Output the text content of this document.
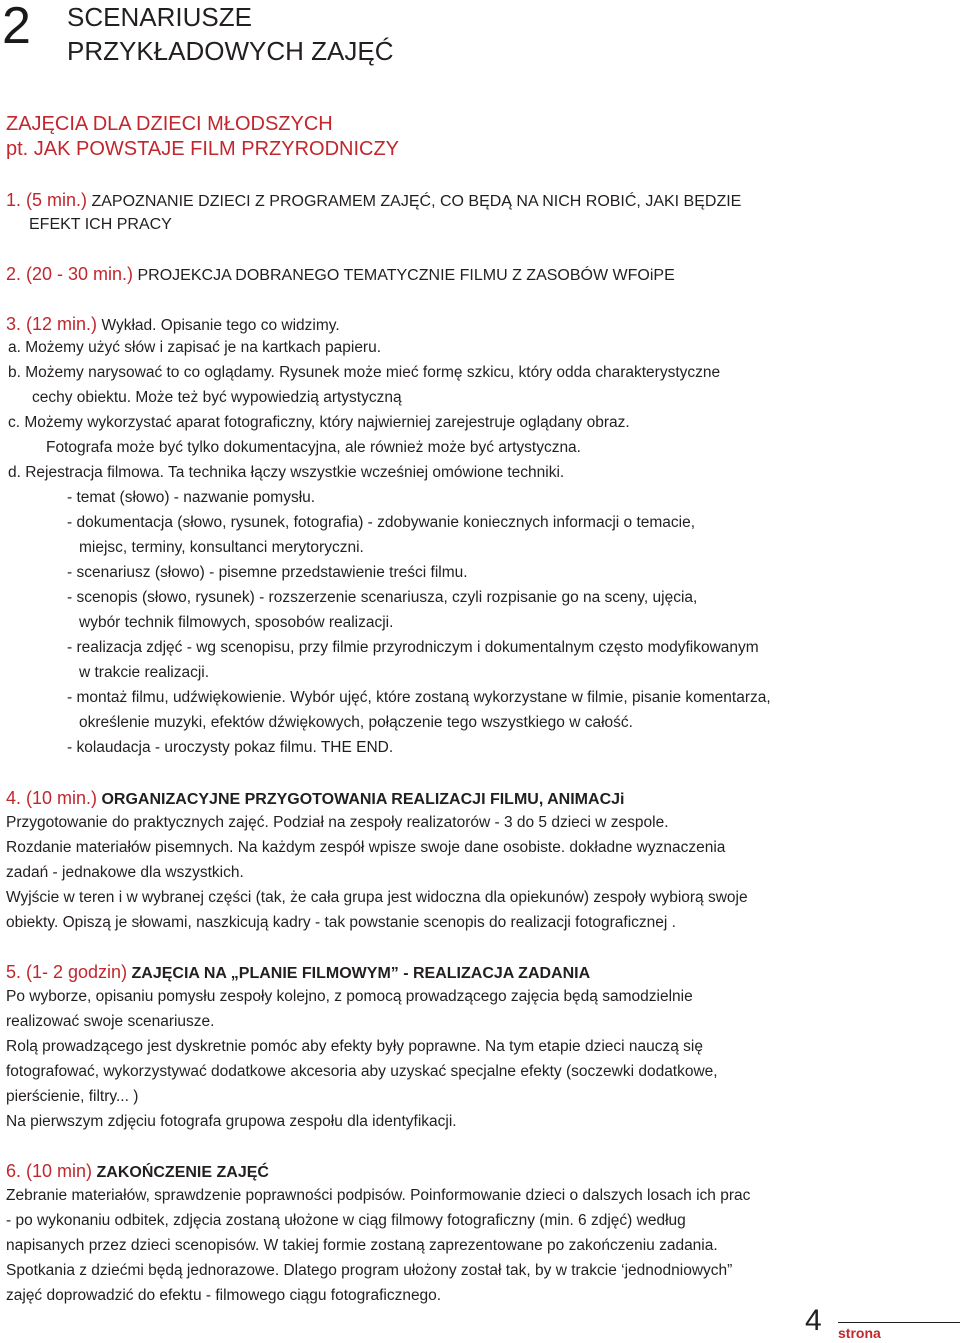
2 SCENARIUSZE
PRZYKŁADOWYCH ZAJĘĆ
ZAJĘCIA DLA DZIECI MŁODSZYCH
pt. JAK POWSTAJE FILM PRZYRODNICZY
1. (5 min.) ZAPOZNANIE DZIECI Z PROGRAMEM ZAJĘĆ, CO BĘDĄ NA NICH ROBIĆ, JAKI BĘDZIE
EFEKT ICH PRACY
2. (20 - 30 min.) PROJEKCJA DOBRANEGO TEMATYCZNIE FILMU Z ZASOBÓW WFOiPE
3. (12 min.) Wykład. Opisanie tego co widzimy.
a. Możemy użyć słów i zapisać je na kartkach papieru.
b. Możemy narysować to co oglądamy. Rysunek może mieć formę szkicu, który odda charakterystyczne
cechy obiektu. Może też być wypowiedzią artystyczną
c. Możemy wykorzystać aparat fotograficzny, który najwierniej zarejestruje oglądany obraz.
Fotografa może być tylko dokumentacyjna, ale również może być artystyczna.
d. Rejestracja filmowa. Ta technika łączy wszystkie wcześniej omówione techniki.
- temat (słowo) - nazwanie pomysłu.
- dokumentacja (słowo, rysunek, fotografia) - zdobywanie koniecznych informacji o temacie,
miejsc, terminy, konsultanci merytoryczni.
- scenariusz (słowo) - pisemne przedstawienie treści filmu.
- scenopis (słowo, rysunek) - rozszerzenie scenariusza, czyli rozpisanie go na sceny, ujęcia,
wybór technik filmowych, sposobów realizacji.
- realizacja zdjęć - wg scenopisu, przy filmie przyrodniczym i dokumentalnym często modyfikowanym
w trakcie realizacji.
- montaż filmu, udźwiękowienie. Wybór ujęć, które zostaną wykorzystane w filmie, pisanie komentarza,
określenie muzyki, efektów dźwiękowych, połączenie tego wszystkiego w całość.
- kolaudacja - uroczysty pokaz filmu. THE END.
4. (10 min.) ORGANIZACYJNE PRZYGOTOWANIA REALIZACJI FILMU, ANIMACJi
Przygotowanie do praktycznych zajęć. Podział na zespoły realizatorów - 3 do 5 dzieci w zespole.
Rozdanie materiałów pisemnych. Na każdym zespół wpisze swoje dane osobiste. dokładne wyznaczenia
zadań - jednakowe dla wszystkich.
Wyjście w teren i w wybranej części (tak, że cała grupa jest widoczna dla opiekunów) zespoły wybiorą swoje
obiekty. Opiszą je słowami, naszkicują kadry - tak powstanie scenopis do realizacji fotograficznej .
5. (1- 2 godzin) ZAJĘCIA NA „PLANIE FILMOWYM” - REALIZACJA ZADANIA
Po wyborze, opisaniu pomysłu zespoły kolejno, z pomocą prowadzącego zajęcia będą samodzielnie
realizować swoje scenariusze.
Rolą prowadzącego jest dyskretnie pomóc aby efekty były poprawne. Na tym etapie dzieci nauczą się
fotografować, wykorzystywać dodatkowe akcesoria aby uzyskać specjalne efekty (soczewki dodatkowe,
pierścienie, filtry... )
Na pierwszym zdjęciu fotografa grupowa zespołu dla identyfikacji.
6. (10 min) ZAKOŃCZENIE ZAJĘĆ
Zebranie materiałów, sprawdzenie poprawności podpisów. Poinformowanie dzieci o dalszych losach ich prac
- po wykonaniu odbitek, zdjęcia zostaną ułożone w ciąg filmowy fotograficzny (min. 6 zdjęć) według
napisanych przez dzieci scenopisów. W takiej formie zostaną zaprezentowane po zakończeniu zadania.
Spotkania z dziećmi będą jednorazowe. Dlatego program ułożony został tak, by w trakcie ‘jednodniowych”
zajęć doprowadzić do efektu - filmowego ciągu fotograficznego.
4 strona
